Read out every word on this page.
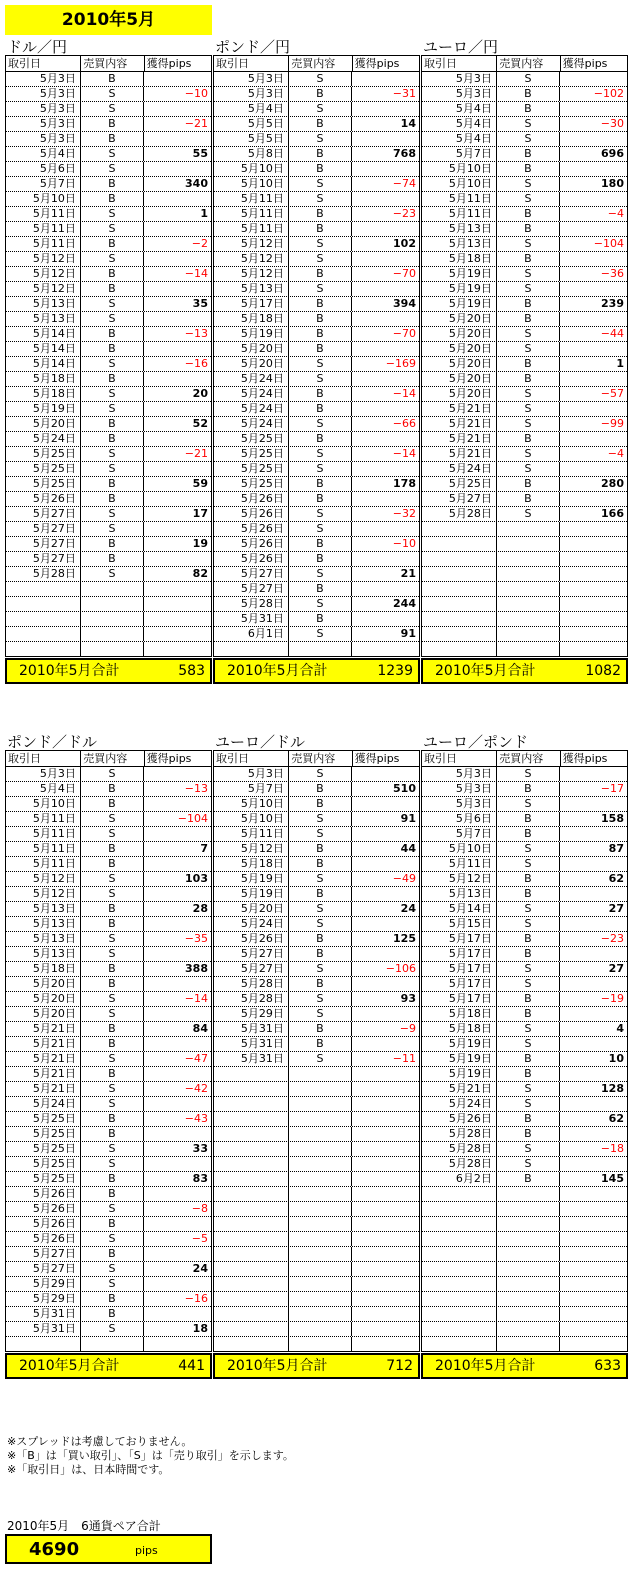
2010年5月
ドル／円
取引日	売買内容	獲得pips
5月3日	B
5月3日	S	−10
5月3日	S
5月3日	B	−21
5月3日	B
5月4日	S	55
5月6日	S
5月7日	B	340
5月10日	B
5月11日	S	1
5月11日	S
5月11日	B	−2
5月12日	S
5月12日	B	−14
5月12日	B
5月13日	S	35
5月13日	S
5月14日	B	−13
5月14日	B
5月14日	S	−16
5月18日	B
5月18日	S	20
5月19日	S
5月20日	B	52
5月24日	B
5月25日	S	−21
5月25日	S
5月25日	B	59
5月26日	B
5月27日	S	17
5月27日	S
5月27日	B	19
5月27日	B
5月28日	S	82
2010年5月合計	583
ポンド／円
取引日	売買内容	獲得pips
5月3日	S
5月3日	B	−31
5月4日	S
5月5日	B	14
5月5日	S
5月8日	B	768
5月10日	B
5月10日	S	−74
5月11日	S
5月11日	B	−23
5月11日	B
5月12日	S	102
5月12日	S
5月12日	B	−70
5月13日	S
5月17日	B	394
5月18日	B
5月19日	B	−70
5月20日	B
5月20日	S	−169
5月24日	S
5月24日	B	−14
5月24日	B
5月24日	S	−66
5月25日	B
5月25日	S	−14
5月25日	S
5月25日	B	178
5月26日	B
5月26日	S	−32
5月26日	S
5月26日	B	−10
5月26日	B
5月27日	S	21
5月27日	B
5月28日	S	244
5月31日	B
6月1日	S	91
2010年5月合計	1239
ユーロ／円
取引日	売買内容	獲得pips
5月3日	S
5月3日	B	−102
5月4日	B
5月4日	S	−30
5月4日	S
5月7日	B	696
5月10日	B
5月10日	S	180
5月11日	S
5月11日	B	−4
5月13日	B
5月13日	S	−104
5月18日	B
5月19日	S	−36
5月19日	S
5月19日	B	239
5月20日	B
5月20日	S	−44
5月20日	S
5月20日	B	1
5月20日	B
5月20日	S	−57
5月21日	S
5月21日	S	−99
5月21日	B
5月21日	S	−4
5月24日	S
5月25日	B	280
5月27日	B
5月28日	S	166
2010年5月合計	1082
ポンド／ドル
取引日	売買内容	獲得pips
5月3日	S
5月4日	B	−13
5月10日	B
5月11日	S	−104
5月11日	S
5月11日	B	7
5月11日	B
5月12日	S	103
5月12日	S
5月13日	B	28
5月13日	B
5月13日	S	−35
5月13日	S
5月18日	B	388
5月20日	B
5月20日	S	−14
5月20日	S
5月21日	B	84
5月21日	B
5月21日	S	−47
5月21日	B
5月21日	S	−42
5月24日	S
5月25日	B	−43
5月25日	B
5月25日	S	33
5月25日	S
5月25日	B	83
5月26日	B
5月26日	S	−8
5月26日	B
5月26日	S	−5
5月27日	B
5月27日	S	24
5月29日	S
5月29日	B	−16
5月31日	B
5月31日	S	18
2010年5月合計	441
ユーロ／ドル
取引日	売買内容	獲得pips
5月3日	S
5月7日	B	510
5月10日	B
5月10日	S	91
5月11日	S
5月12日	B	44
5月18日	B
5月19日	S	−49
5月19日	B
5月20日	S	24
5月24日	S
5月26日	B	125
5月27日	B
5月27日	S	−106
5月28日	B
5月28日	S	93
5月29日	S
5月31日	B	−9
5月31日	B
5月31日	S	−11
2010年5月合計	712
ユーロ／ポンド
取引日	売買内容	獲得pips
5月3日	S
5月3日	B	−17
5月3日	S
5月6日	B	158
5月7日	B
5月10日	S	87
5月11日	S
5月12日	B	62
5月13日	B
5月14日	S	27
5月15日	S
5月17日	B	−23
5月17日	B
5月17日	S	27
5月17日	S
5月17日	B	−19
5月18日	B
5月18日	S	4
5月19日	S
5月19日	B	10
5月19日	B
5月21日	S	128
5月24日	S
5月26日	B	62
5月28日	B
5月28日	S	−18
5月28日	S
6月2日	B	145
2010年5月合計	633
※スプレッドは考慮しておりません。
※「B」は「買い取引」、「S」は「売り取引」を示します。
※「取引日」は、日本時間です。
2010年5月　6通貨ペア合計
4690	pips
